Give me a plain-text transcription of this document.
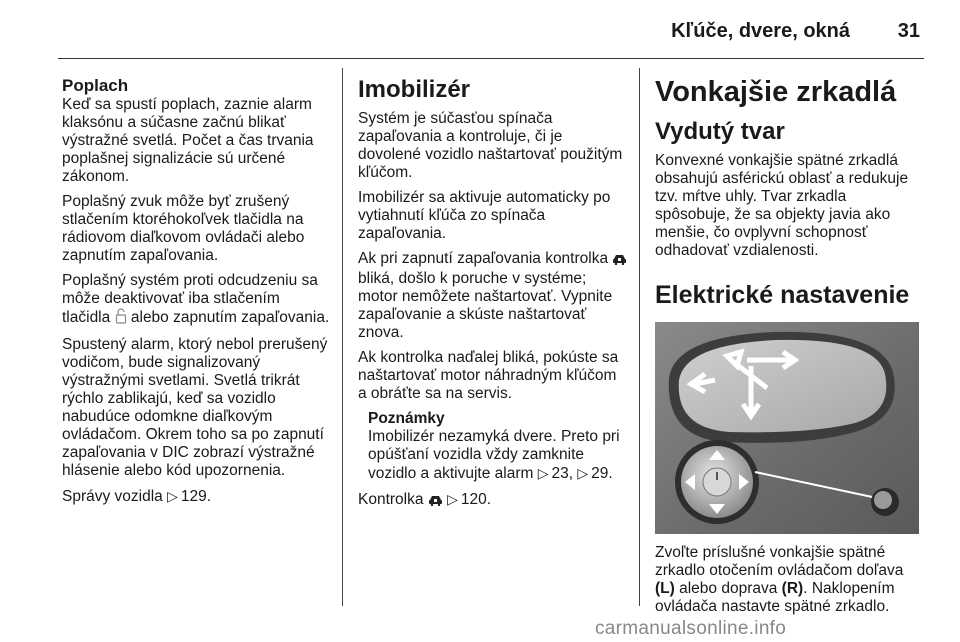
Kľúče, dvere, okná	31
Poplach

Keď sa spustí poplach, zaznie alarm klaksónu a súčasne začnú blikať výstražné svetlá. Počet a čas trvania poplašnej signalizácie sú určené zákonom.

Poplašný zvuk môže byť zrušený stlačením ktoréhokoľvek tlačidla na rádiovom diaľkovom ovládači alebo zapnutím zapaľovania.

Poplašný systém proti odcudzeniu sa môže deaktivovať iba stlačením tlačidla alebo zapnutím zapaľovania.

Spustený alarm, ktorý nebol prerušený vodičom, bude signalizovaný výstražnými svetlami. Svetlá trikrát rýchlo zablikajú, keď sa vozidlo nabudúce odomkne diaľkovým ovládačom. Okrem toho sa po zapnutí zapaľovania v DIC zobrazí výstražné hlásenie alebo kód upozornenia.

Správy vozidla ▷ 129.

Imobilizér

Systém je súčasťou spínača zapaľovania a kontroluje, či je dovolené vozidlo naštartovať použitým kľúčom.

Imobilizér sa aktivuje automaticky po vytiahnutí kľúča zo spínača zapaľovania.

Ak pri zapnutí zapaľovania kontrolka  bliká, došlo k poruche v systéme; motor nemôžete naštartovať. Vypnite zapaľovanie a skúste naštartovať znova.

Ak kontrolka naďalej bliká, pokúste sa naštartovať motor náhradným kľúčom a obráťte sa na servis.

Poznámky

Imobilizér nezamyká dvere. Preto pri opúšťaní vozidla vždy zamknite vozidlo a aktivujte alarm ▷ 23, ▷ 29.

Kontrolka ▷ 120.

Vonkajšie zrkadlá
Vydutý tvar

Konvexné vonkajšie spätné zrkadlá obsahujú asférickú oblasť a redukuje tzv. mŕtve uhly. Tvar zrkadla spôsobuje, že sa objekty javia ako menšie, čo ovplyvní schopnosť odhadovať vzdialenosti.

Elektrické nastavenie

Zvoľte príslušné vonkajšie spätné zrkadlo otočením ovládačom doľava (L) alebo doprava (R). Naklopením ovládača nastavte spätné zrkadlo.

carmanualsonline.info
